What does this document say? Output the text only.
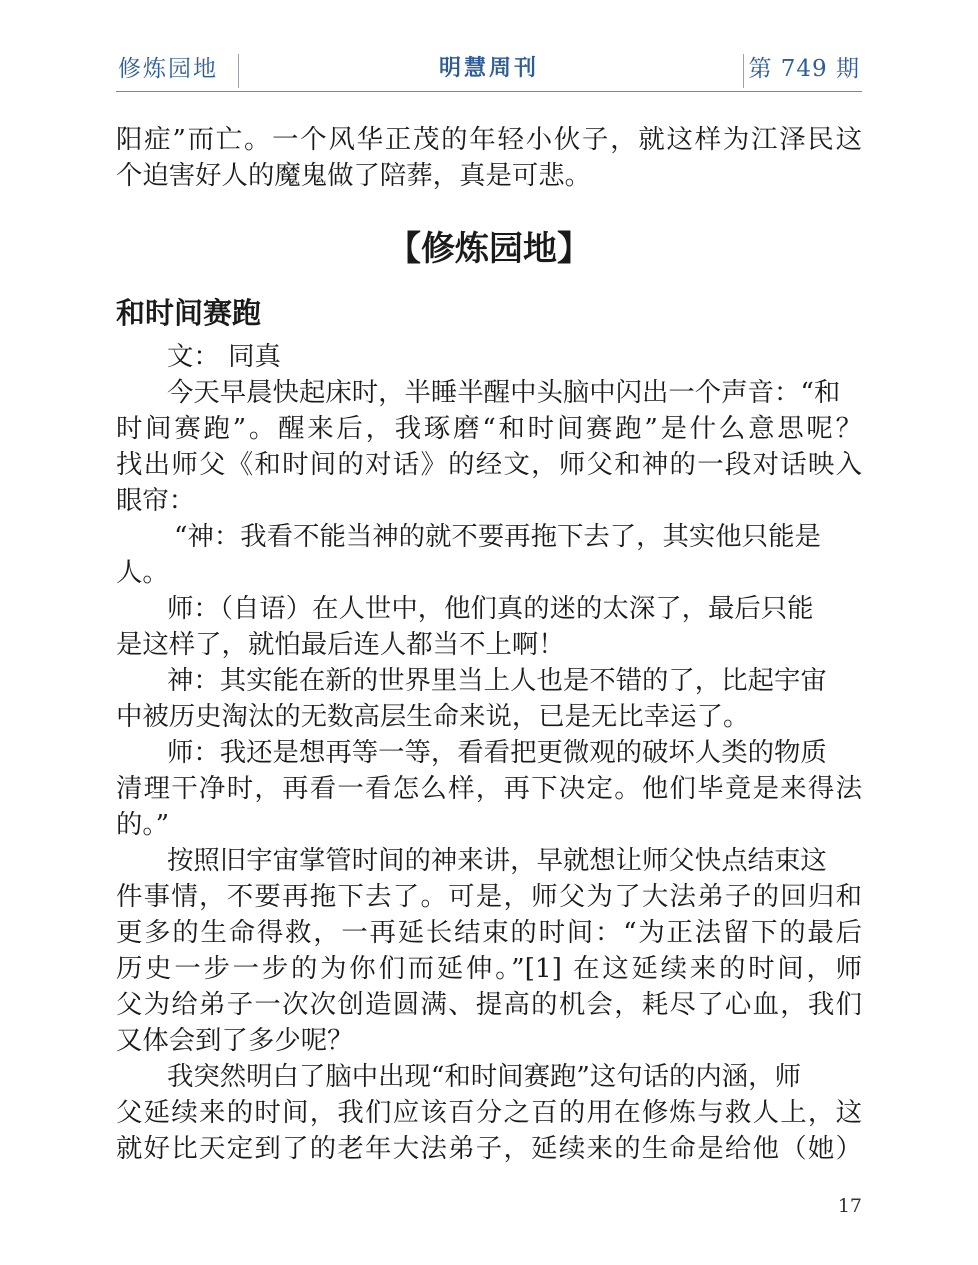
修炼园地	明慧周刊	第 749 期
阳症”而亡。一个风华正茂的年轻小伙子，就这样为江泽民这
个迫害好人的魔鬼做了陪葬，真是可悲。
【修炼园地】
和时间赛跑
文： 同真
今天早晨快起床时，半睡半醒中头脑中闪出一个声音：“和
时间赛跑”。醒来后，我琢磨“和时间赛跑”是什么意思呢？
找出师父《和时间的对话》的经文，师父和神的一段对话映入
眼帘：
“神：我看不能当神的就不要再拖下去了，其实他只能是
人。
师：（自语）在人世中，他们真的迷的太深了，最后只能
是这样了，就怕最后连人都当不上啊！
神：其实能在新的世界里当上人也是不错的了，比起宇宙
中被历史淘汰的无数高层生命来说，已是无比幸运了。
师：我还是想再等一等，看看把更微观的破坏人类的物质
清理干净时，再看一看怎么样，再下决定。他们毕竟是来得法
的。”
按照旧宇宙掌管时间的神来讲，早就想让师父快点结束这
件事情，不要再拖下去了。可是，师父为了大法弟子的回归和
更多的生命得救，一再延长结束的时间：“为正法留下的最后
历史一步一步的为你们而延伸。”[1] 在这延续来的时间，师
父为给弟子一次次创造圆满、提高的机会，耗尽了心血，我们
又体会到了多少呢？
我突然明白了脑中出现“和时间赛跑”这句话的内涵，师
父延续来的时间，我们应该百分之百的用在修炼与救人上，这
就好比天定到了的老年大法弟子，延续来的生命是给他（她）
17
